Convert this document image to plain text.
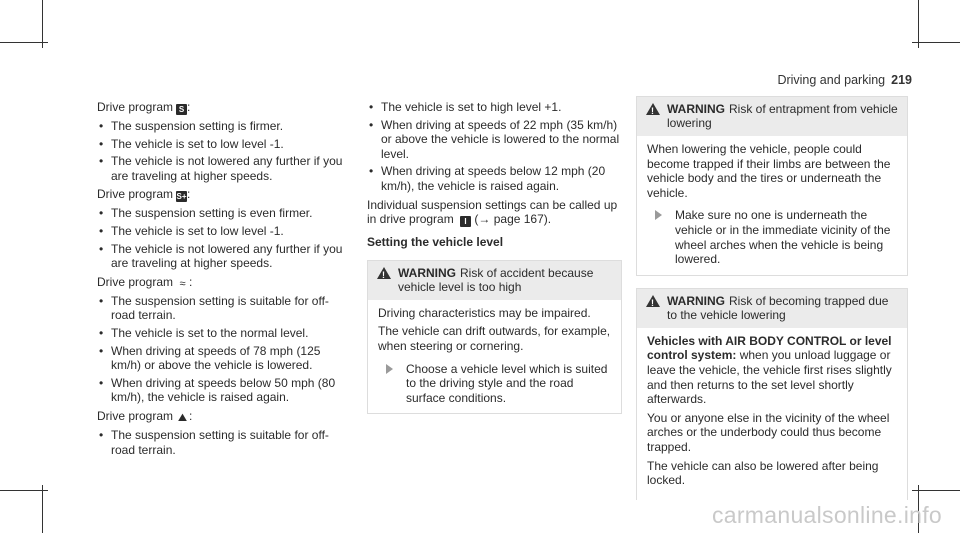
Driving and parking 219

Drive program S :

• The suspension setting is firmer.
• The vehicle is set to low level -1.
• The vehicle is not lowered any further if you are traveling at higher speeds.

Drive program S+:

• The suspension setting is even firmer.
• The vehicle is set to low level -1.
• The vehicle is not lowered any further if you are traveling at higher speeds.

Drive program ≈ :

• The suspension setting is suitable for off-road terrain.
• The vehicle is set to the normal level.
• When driving at speeds of 78 mph (125 km/h) or above the vehicle is lowered.
• When driving at speeds below 50 mph (80 km/h), the vehicle is raised again.

Drive program ⛰ :

• The suspension setting is suitable for off-road terrain.
• The vehicle is set to high level +1.
• When driving at speeds of 22 mph (35 km/h) or above the vehicle is lowered to the normal level.
• When driving at speeds below 12 mph (20 km/h), the vehicle is raised again.

Individual suspension settings can be called up in drive program I (→ page 167).

Setting the vehicle level
!
WARNING Risk of accident because vehicle level is too high

Driving characteristics may be impaired.

The vehicle can drift outwards, for example, when steering or cornering.

Choose a vehicle level which is suited to the driving style and the road surface conditions.
!
WARNING Risk of entrapment from vehicle lowering

When lowering the vehicle, people could become trapped if their limbs are between the vehicle body and the tires or underneath the vehicle.

Make sure no one is underneath the vehicle or in the immediate vicinity of the wheel arches when the vehicle is being lowered.
!
WARNING Risk of becoming trapped due to the vehicle lowering

Vehicles with AIR BODY CONTROL or level control system: when you unload luggage or leave the vehicle, the vehicle first rises slightly and then returns to the set level shortly afterwards.

You or anyone else in the vicinity of the wheel arches or the underbody could thus become trapped.

The vehicle can also be lowered after being locked.

carmanualsonline.info
